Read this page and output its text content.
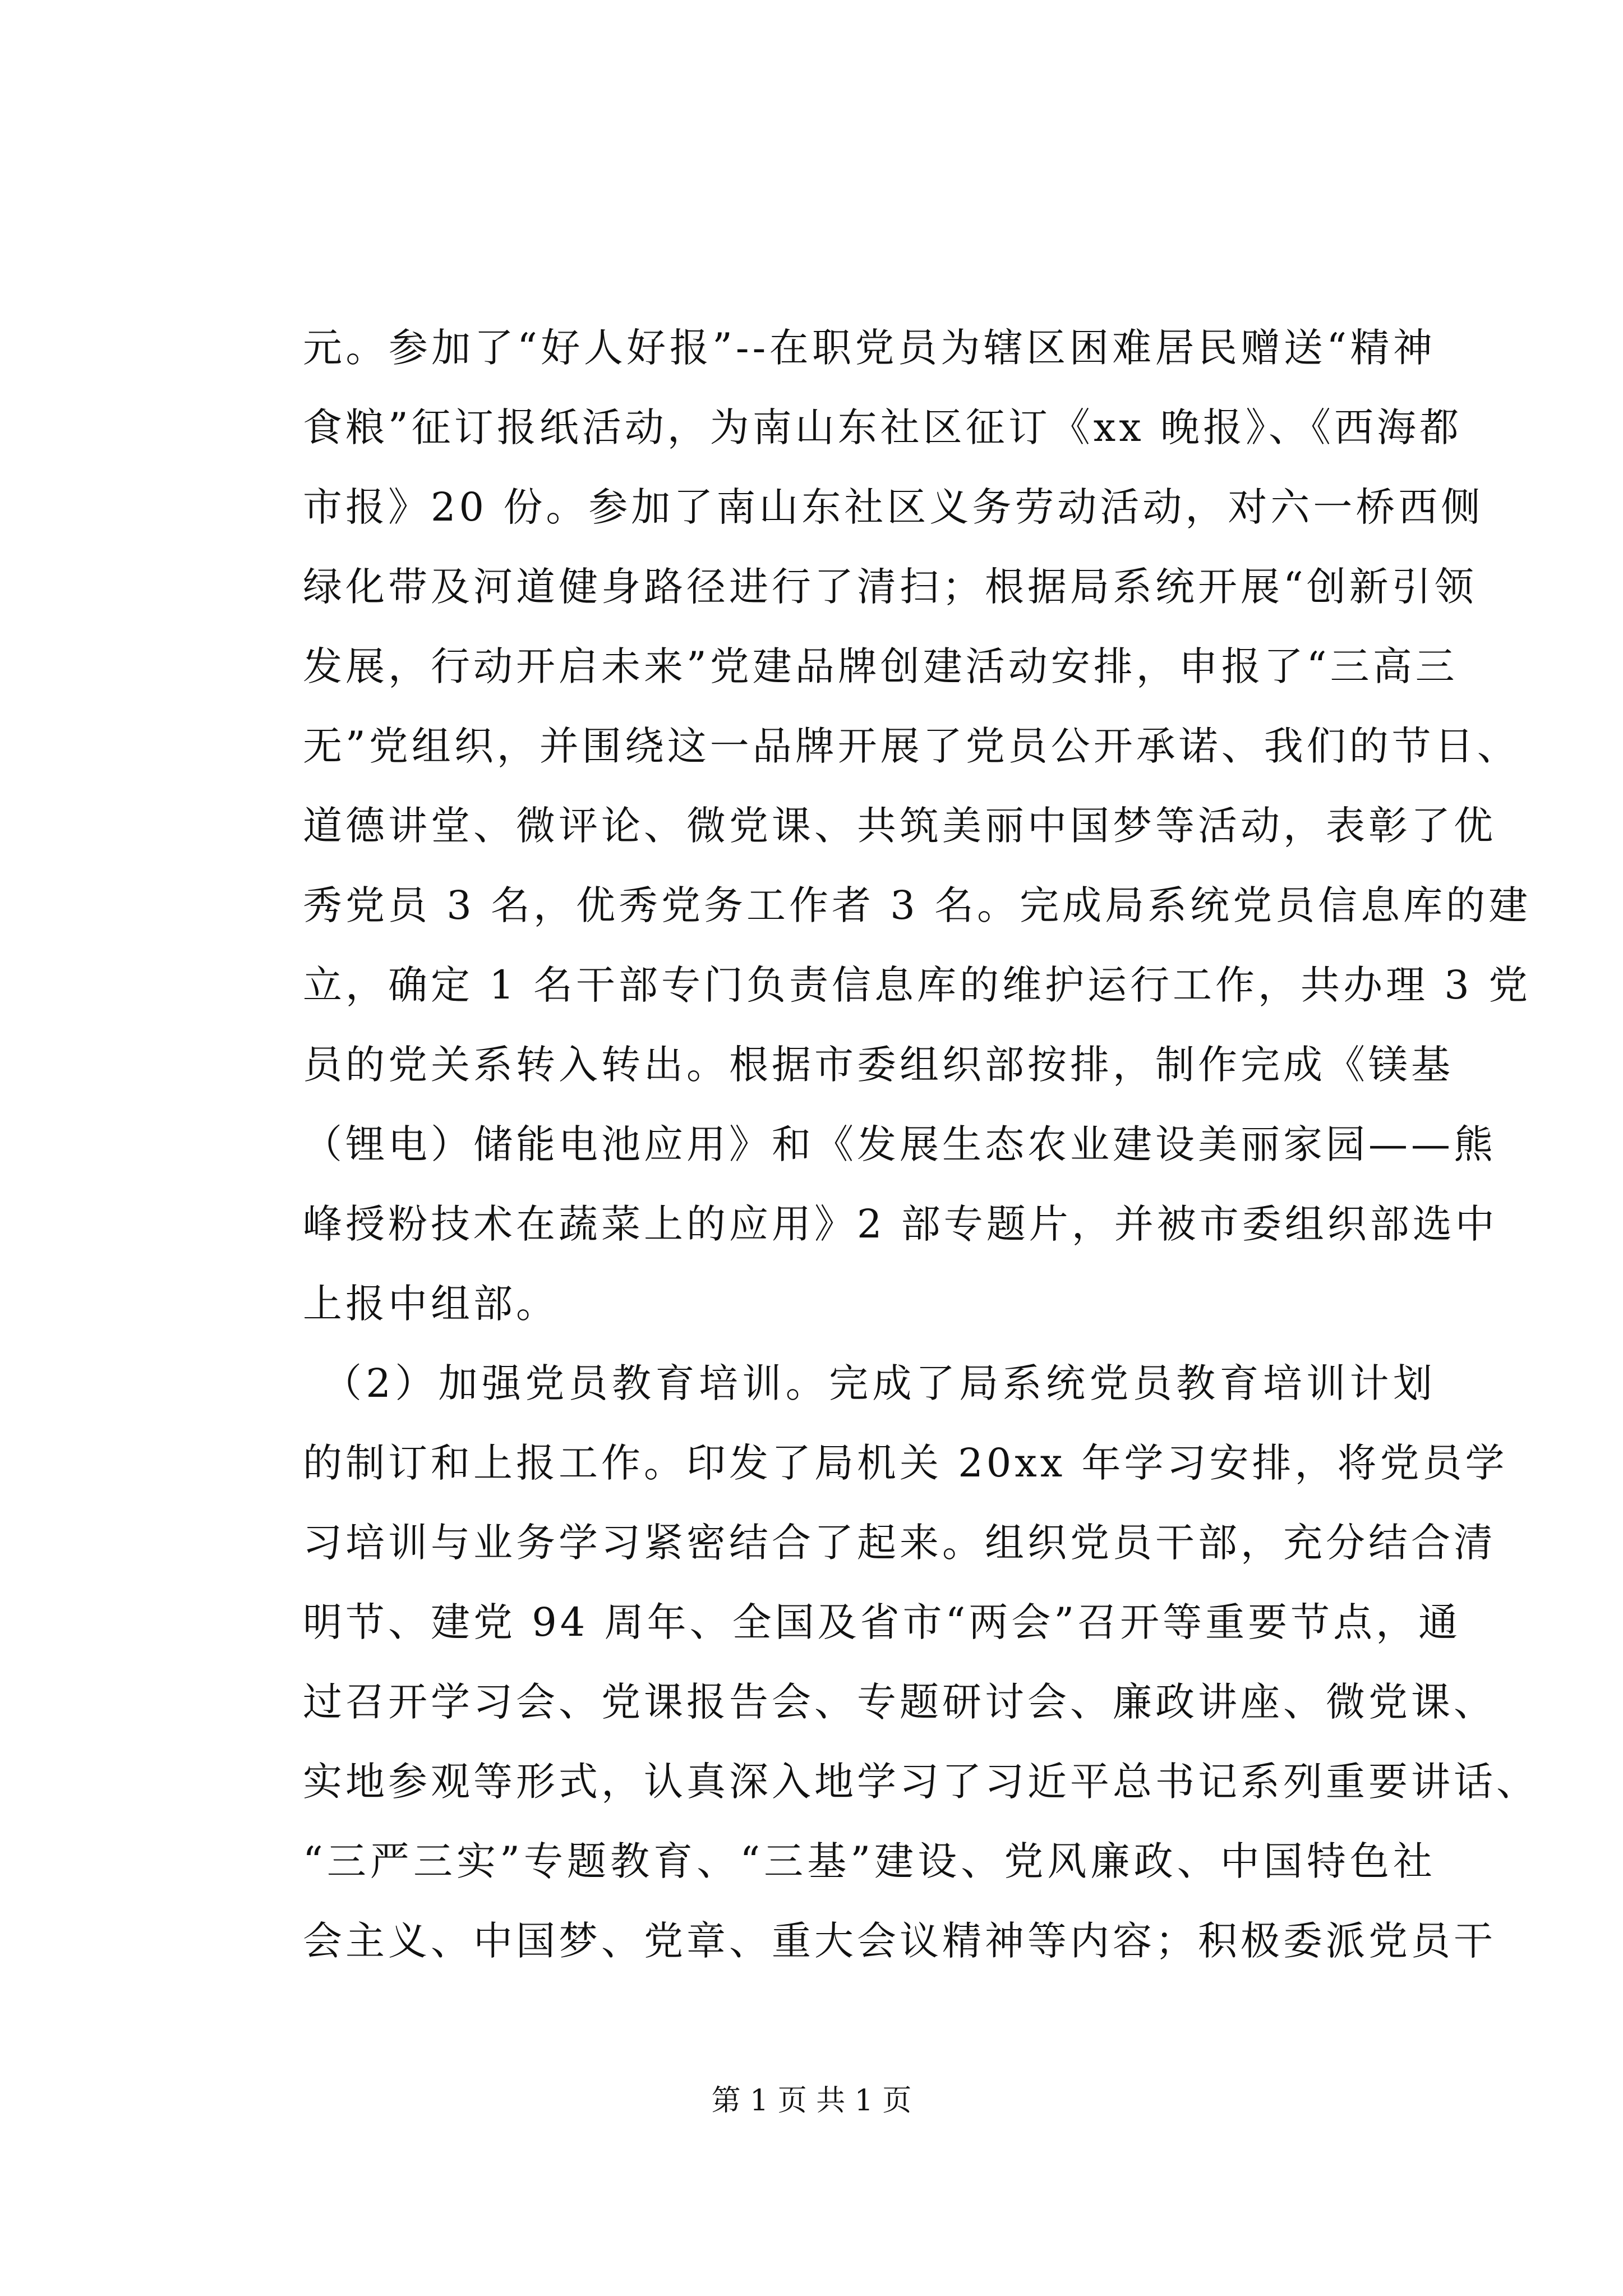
元。参加了“好人好报”--在职党员为辖区困难居民赠送“精神
食粮”征订报纸活动，为南山东社区征订《xx 晚报》、《西海都
市报》20 份。参加了南山东社区义务劳动活动，对六一桥西侧
绿化带及河道健身路径进行了清扫；根据局系统开展“创新引领
发展，行动开启未来”党建品牌创建活动安排，申报了“三高三
无”党组织，并围绕这一品牌开展了党员公开承诺、我们的节日、
道德讲堂、微评论、微党课、共筑美丽中国梦等活动，表彰了优
秀党员 3 名，优秀党务工作者 3 名。完成局系统党员信息库的建
立，确定 1 名干部专门负责信息库的维护运行工作，共办理 3 党
员的党关系转入转出。根据市委组织部按排，制作完成《镁基
（锂电）储能电池应用》和《发展生态农业建设美丽家园——熊
峰授粉技术在蔬菜上的应用》2 部专题片，并被市委组织部选中
上报中组部。
（2）加强党员教育培训。完成了局系统党员教育培训计划
的制订和上报工作。印发了局机关 20xx 年学习安排，将党员学
习培训与业务学习紧密结合了起来。组织党员干部，充分结合清
明节、建党 94 周年、全国及省市“两会”召开等重要节点，通
过召开学习会、党课报告会、专题研讨会、廉政讲座、微党课、
实地参观等形式，认真深入地学习了习近平总书记系列重要讲话、
“三严三实”专题教育、“三基”建设、党风廉政、中国特色社
会主义、中国梦、党章、重大会议精神等内容；积极委派党员干
第 1 页 共 1 页
